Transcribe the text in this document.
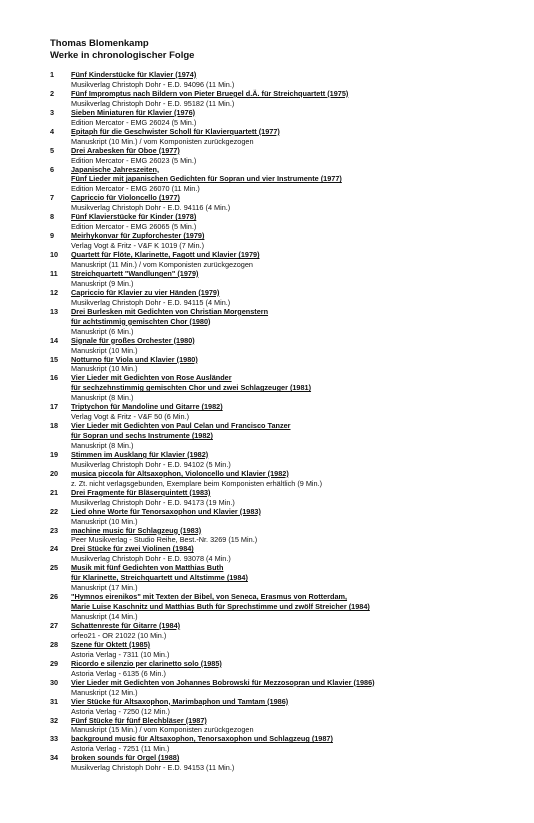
Thomas Blomenkamp
Werke in chronologischer Folge
1	Fünf Kinderstücke für Klavier (1974)
Musikverlag Christoph Dohr - E.D. 94096 (11 Min.)
2	Fünf Impromptus nach Bildern von Pieter Bruegel d.Ä. für Streichquartett (1975)
Musikverlag Christoph Dohr - E.D. 95182 (11 Min.)
3	Sieben Miniaturen für Klavier (1976)
Edition Mercator - EMG 26024 (5 Min.)
4	Epitaph für die Geschwister Scholl für Klavierquartett (1977)
Manuskript (10 Min.) / vom Komponisten zurückgezogen
5	Drei Arabesken für Oboe (1977)
Edition Mercator - EMG 26023 (5 Min.)
6	Japanische Jahreszeiten,
Fünf Lieder mit japanischen Gedichten für Sopran und vier Instrumente (1977)
Edition Mercator - EMG 26070 (11 Min.)
7	Capriccio für Violoncello (1977)
Musikverlag Christoph Dohr - E.D. 94116 (4 Min.)
8	Fünf Klavierstücke für Kinder (1978)
Edition Mercator - EMG 26065 (5 Min.)
9	Meirhykonvar für Zupforchester (1979)
Verlag Vogt & Fritz - V&F K 1019 (7 Min.)
10	Quartett für Flöte, Klarinette, Fagott und Klavier (1979)
Manuskript (11 Min.) / vom Komponisten zurückgezogen
11	Streichquartett "Wandlungen" (1979)
Manuskript (9 Min.)
12	Capriccio für Klavier zu vier Händen (1979)
Musikverlag Christoph Dohr - E.D. 94115 (4 Min.)
13	Drei Burlesken mit Gedichten von Christian Morgenstern
für achtstimmig gemischten Chor (1980)
Manuskript (6 Min.)
14	Signale für großes Orchester (1980)
Manuskript (10 Min.)
15	Notturno für Viola und Klavier (1980)
Manuskript (10 Min.)
16	Vier Lieder mit Gedichten von Rose Ausländer
für sechzehnstimmig gemischten Chor und zwei Schlagzeuger (1981)
Manuskript (8 Min.)
17	Triptychon für Mandoline und Gitarre (1982)
Verlag Vogt & Fritz - V&F 50 (6 Min.)
18	Vier Lieder mit Gedichten von Paul Celan und Francisco Tanzer
für Sopran und sechs Instrumente (1982)
Manuskript (8 Min.)
19	Stimmen im Ausklang für Klavier (1982)
Musikverlag Christoph Dohr - E.D. 94102 (5 Min.)
20	musica piccola für Altsaxophon, Violoncello und Klavier (1982)
z. Zt. nicht verlagsgebunden, Exemplare beim Komponisten erhältlich (9 Min.)
21	Drei Fragmente für Bläserquintett (1983)
Musikverlag Christoph Dohr - E.D. 94173 (19 Min.)
22	Lied ohne Worte für Tenorsaxophon und Klavier (1983)
Manuskript (10 Min.)
23	machine music für Schlagzeug (1983)
Peer Musikverlag - Studio Reihe, Best.-Nr. 3269 (15 Min.)
24	Drei Stücke für zwei Violinen (1984)
Musikverlag Christoph Dohr - E.D. 93078 (4 Min.)
25	Musik mit fünf Gedichten von Matthias Buth
für Klarinette, Streichquartett und Altstimme (1984)
Manuskript (17 Min.)
26	"Hymnos eirenikos" mit Texten der Bibel, von Seneca, Erasmus von Rotterdam,
Marie Luise Kaschnitz und Matthias Buth für Sprechstimme und zwölf Streicher (1984)
Manuskript (14 Min.)
27	Schattenreste für Gitarre (1984)
orfeo21 - OR 21022 (10 Min.)
28	Szene für Oktett (1985)
Astoria Verlag - 7311 (10 Min.)
29	Ricordo e silenzio per clarinetto solo (1985)
Astoria Verlag - 6135 (6 Min.)
30	Vier Lieder mit Gedichten von Johannes Bobrowski für Mezzosopran und Klavier (1986)
Manuskript (12 Min.)
31	Vier Stücke für Altsaxophon, Marimbaphon und Tamtam (1986)
Astoria Verlag - 7250 (12 Min.)
32	Fünf Stücke für fünf Blechbläser (1987)
Manuskript (15 Min.) / vom Komponisten zurückgezogen
33	background music für Altsaxophon, Tenorsaxophon und Schlagzeug (1987)
Astoria Verlag - 7251 (11 Min.)
34	broken sounds für Orgel (1988)
Musikverlag Christoph Dohr - E.D. 94153 (11 Min.)
